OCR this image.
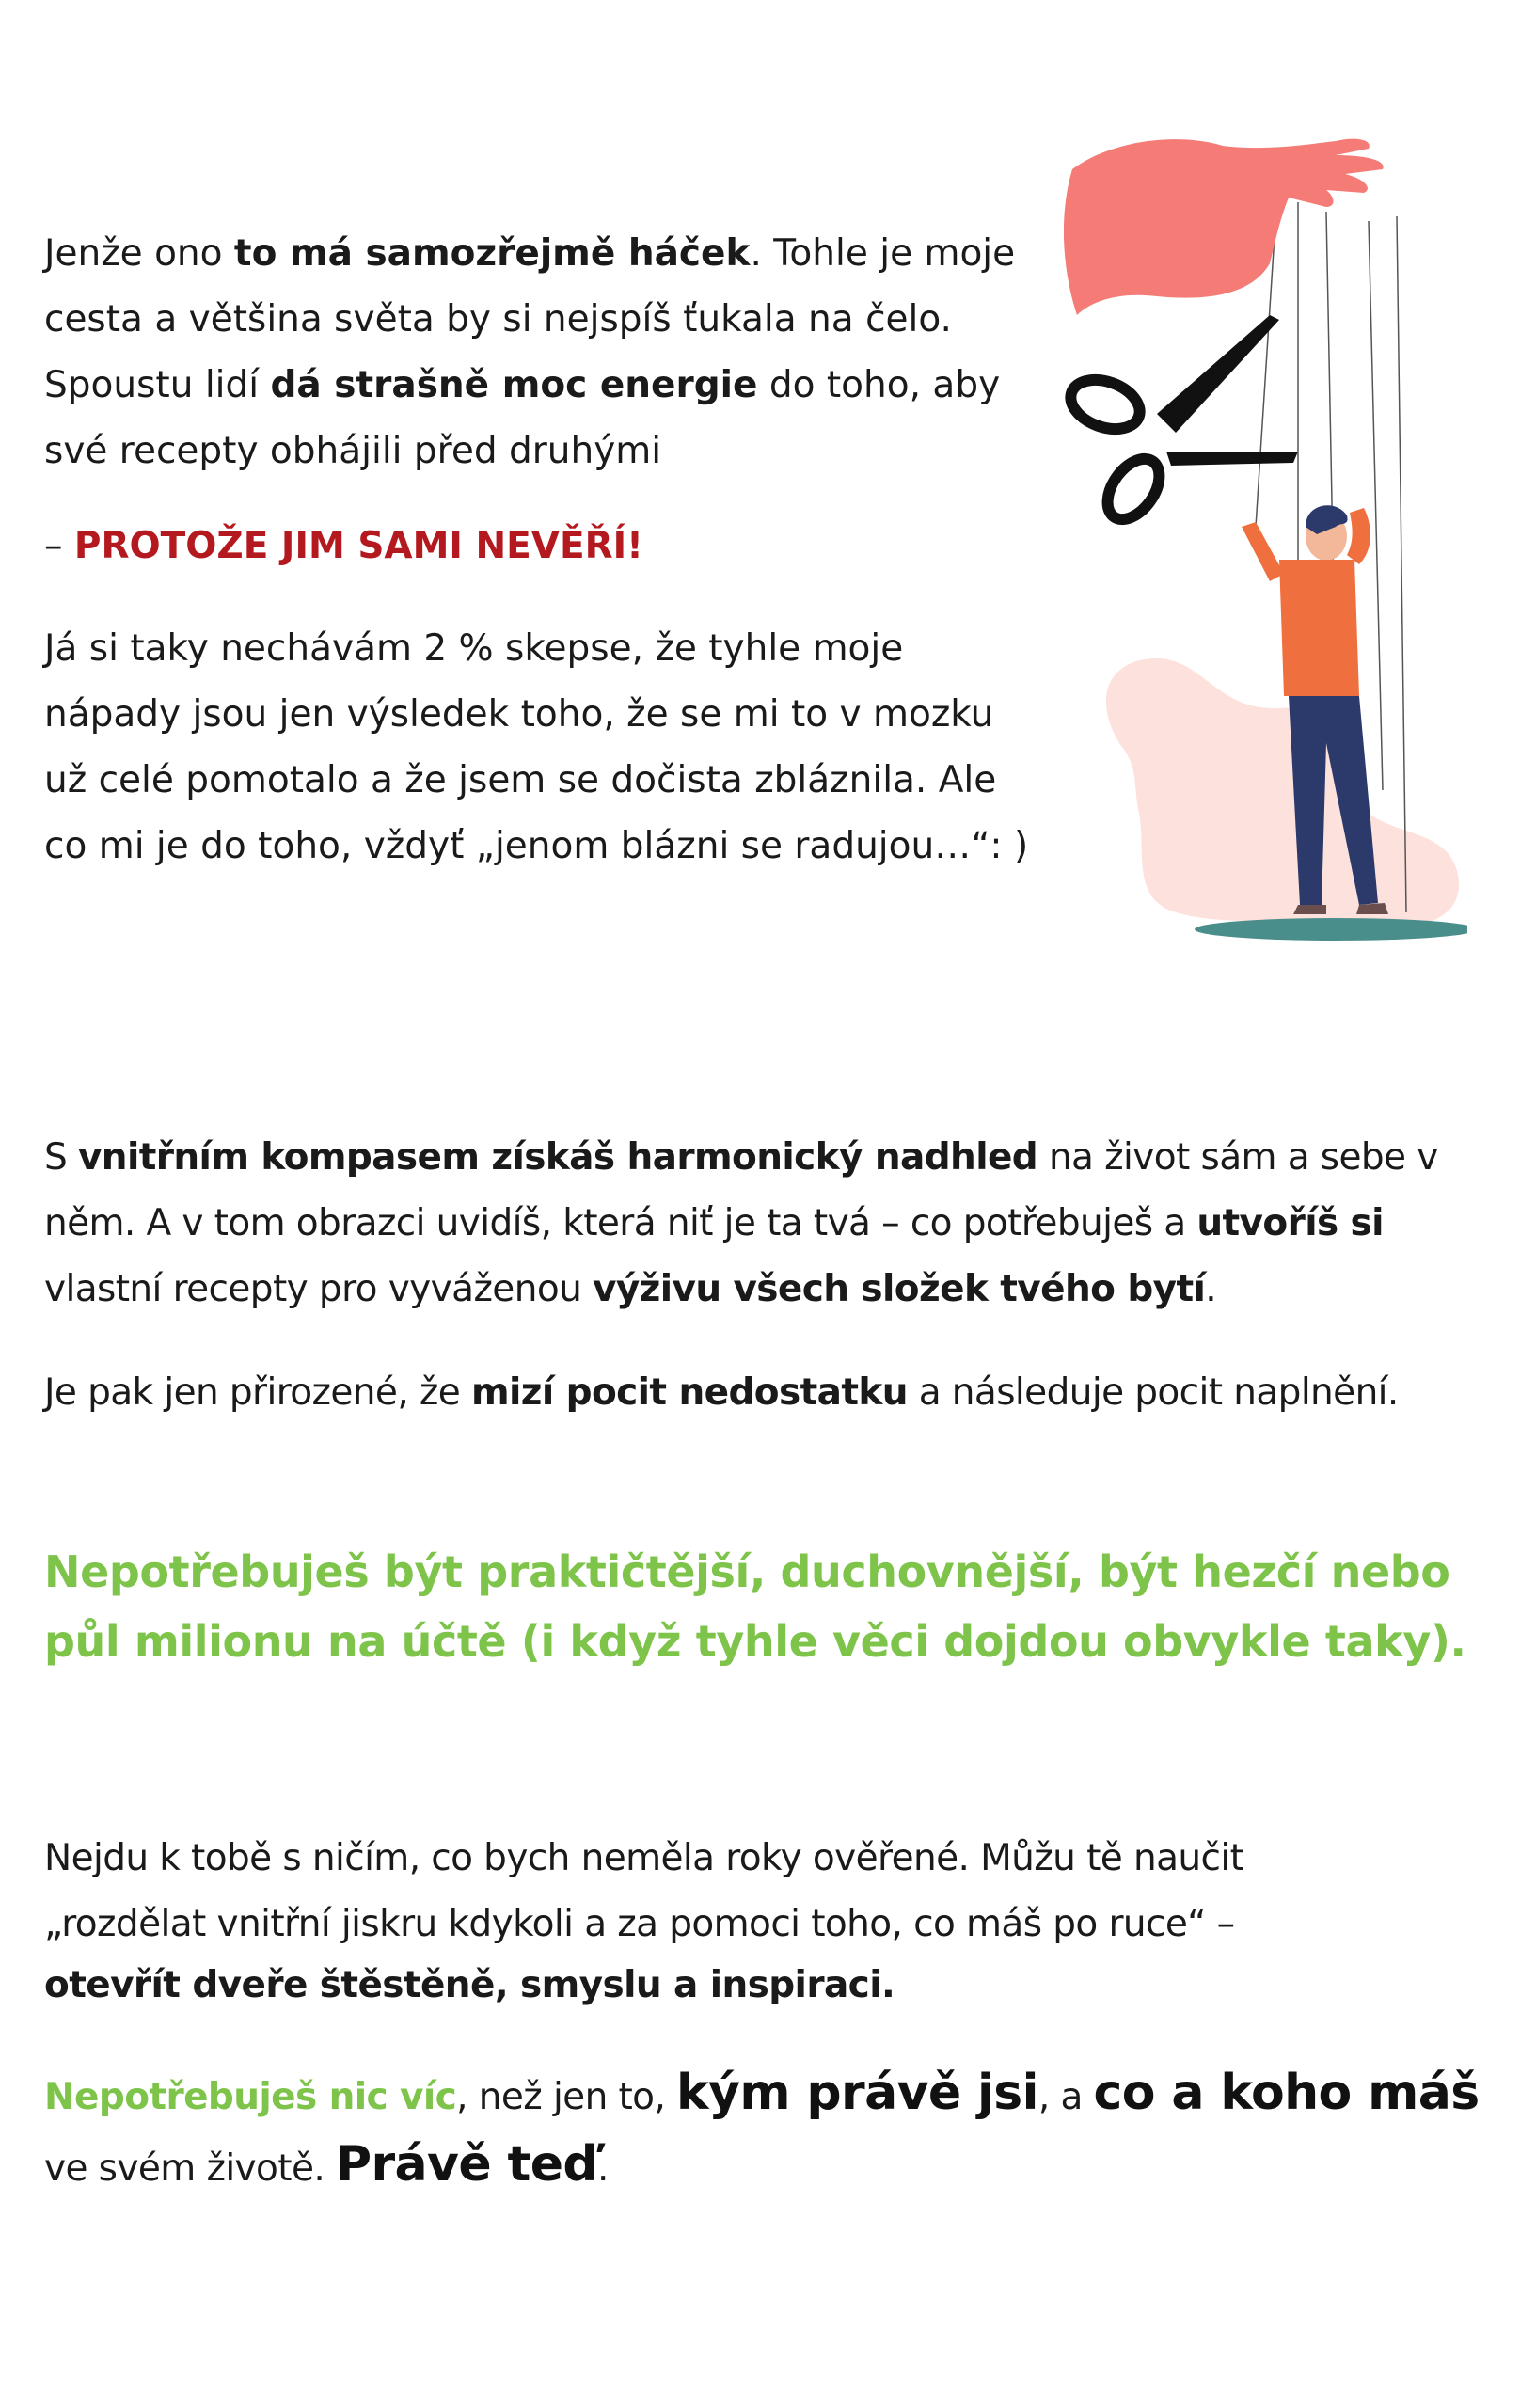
Jenže ono to má samozřejmě háček. Tohle je moje

cesta a většina světa by si nejspíš ťukala na čelo.

Spoustu lidí dá strašně moc energie do toho, aby

své recepty obhájili před druhými

– PROTOŽE JIM SAMI NEVĚŘÍ!

Já si taky nechávám 2 % skepse, že tyhle moje

nápady jsou jen výsledek toho, že se mi to v mozku

už celé pomotalo a že jsem se dočista zbláznila. Ale

co mi je do toho, vždyť „jenom blázni se radujou…“: )

S vnitřním kompasem získáš harmonický nadhled na život sám a sebe v

něm. A v tom obrazci uvidíš, která niť je ta tvá – co potřebuješ a utvoříš si

vlastní recepty pro vyváženou výživu všech složek tvého bytí.

Je pak jen přirozené, že mizí pocit nedostatku a následuje pocit naplnění.

Nepotřebuješ být praktičtější, duchovnější, být hezčí nebo
půl milionu na účtě (i když tyhle věci dojdou obvykle taky).

Nejdu k tobě s ničím, co bych neměla roky ověřené. Můžu tě naučit

„rozdělat vnitřní jiskru kdykoli a za pomoci toho, co máš po ruce“ –

otevřít dveře štěstěně, smyslu a inspiraci.

Nepotřebuješ nic víc, než jen to, kým právě jsi, a co a koho máš

ve svém životě. Právě teď.
